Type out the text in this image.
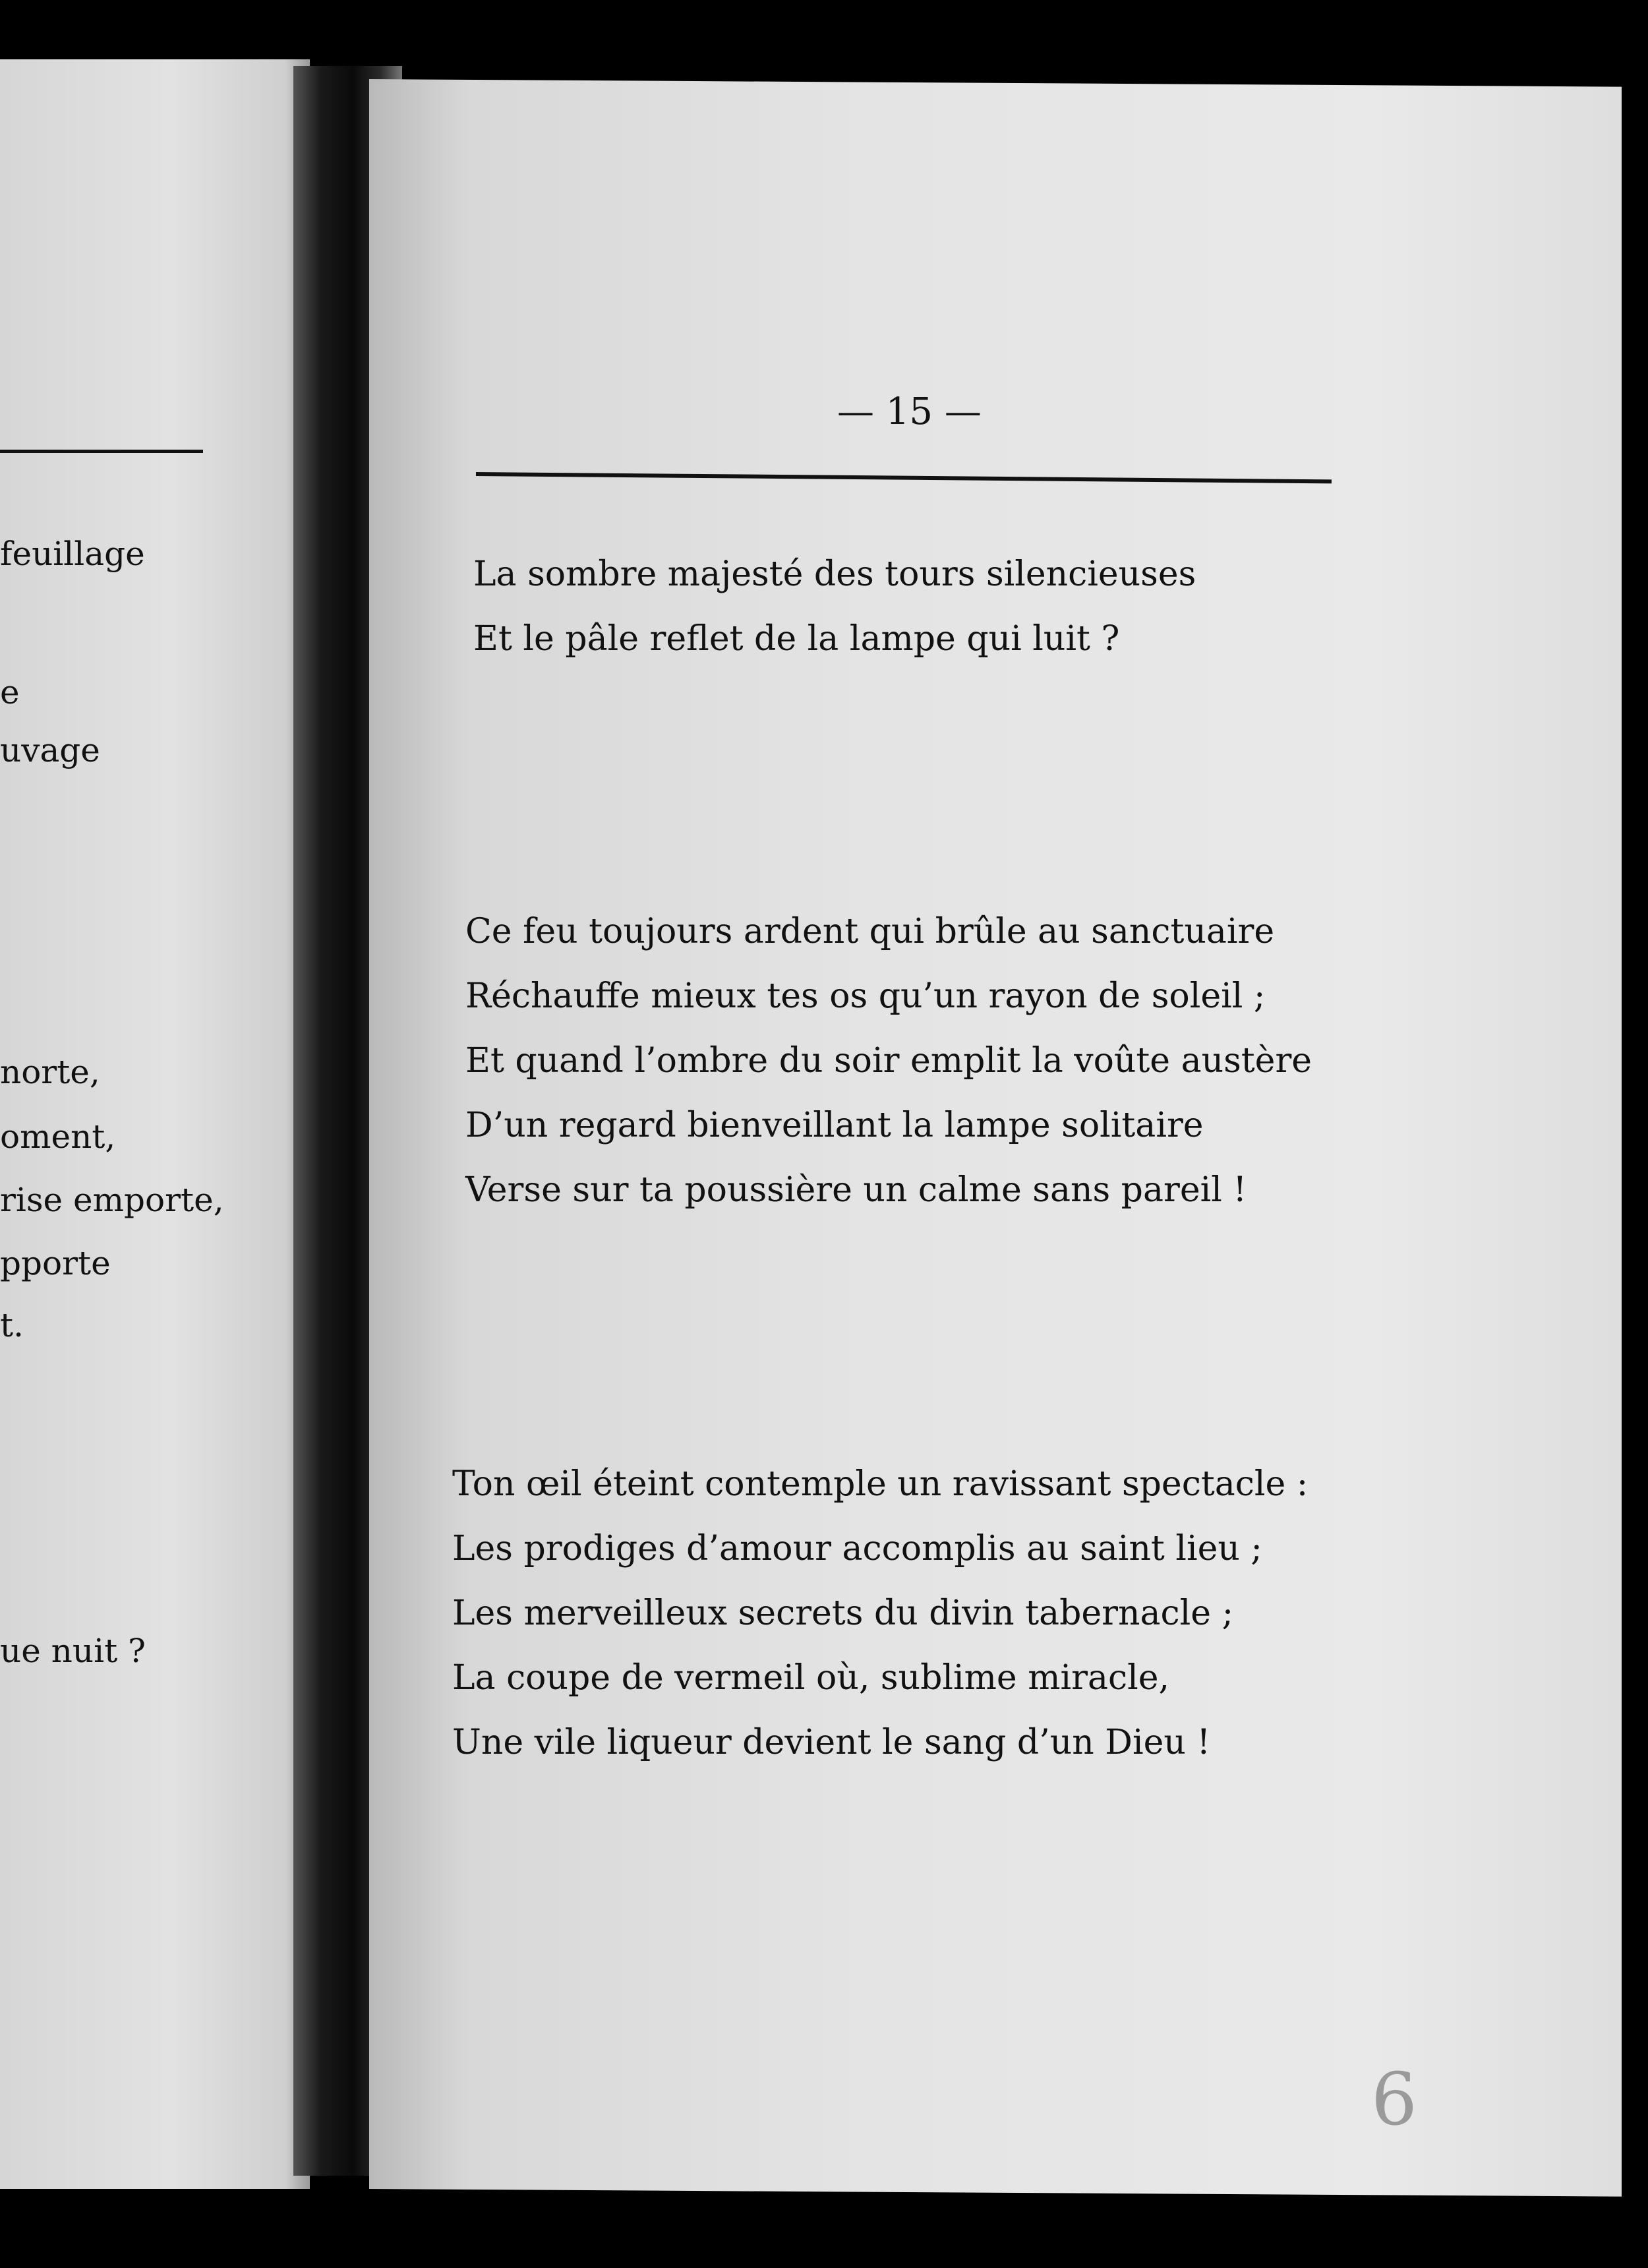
feuillage
e
uvage
norte,
oment,
rise emporte,
pporte
t.
ue nuit ?
— 15 —
La sombre majesté des tours silencieuses
Et le pâle reflet de la lampe qui luit ?
Ce feu toujours ardent qui brûle au sanctuaire
Réchauffe mieux tes os qu’un rayon de soleil ;
Et quand l’ombre du soir emplit la voûte austère
D’un regard bienveillant la lampe solitaire
Verse sur ta poussière un calme sans pareil !
Ton œil éteint contemple un ravissant spectacle :
Les prodiges d’amour accomplis au saint lieu ;
Les merveilleux secrets du divin tabernacle ;
La coupe de vermeil où, sublime miracle,
Une vile liqueur devient le sang d’un Dieu !
6
